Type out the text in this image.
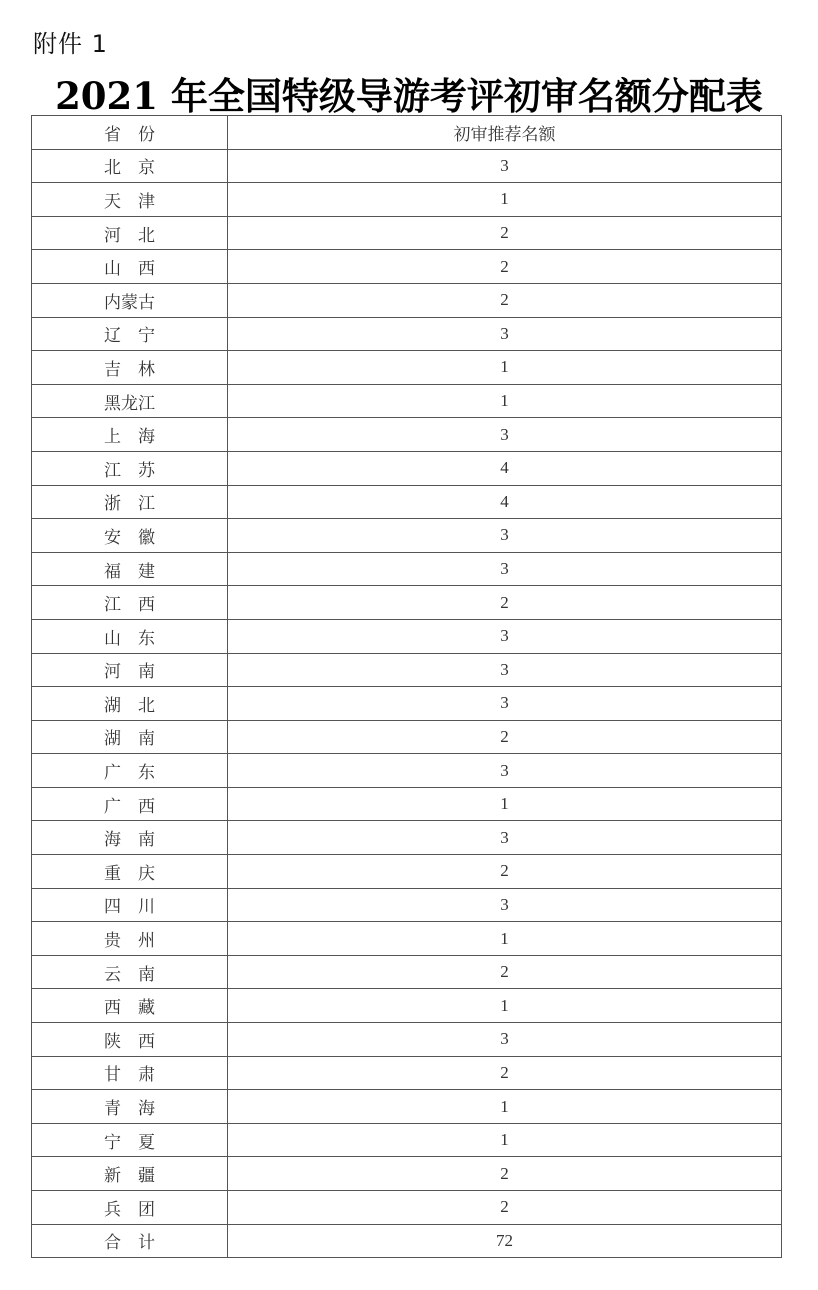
附件 1
2021 年全国特级导游考评初审名额分配表
省　份	初审推荐名额
北　京	3
天　津	1
河　北	2
山　西	2
内蒙古	2
辽　宁	3
吉　林	1
黑龙江	1
上　海	3
江　苏	4
浙　江	4
安　徽	3
福　建	3
江　西	2
山　东	3
河　南	3
湖　北	3
湖　南	2
广　东	3
广　西	1
海　南	3
重　庆	2
四　川	3
贵　州	1
云　南	2
西　藏	1
陕　西	3
甘　肃	2
青　海	1
宁　夏	1
新　疆	2
兵　团	2
合　计	72
